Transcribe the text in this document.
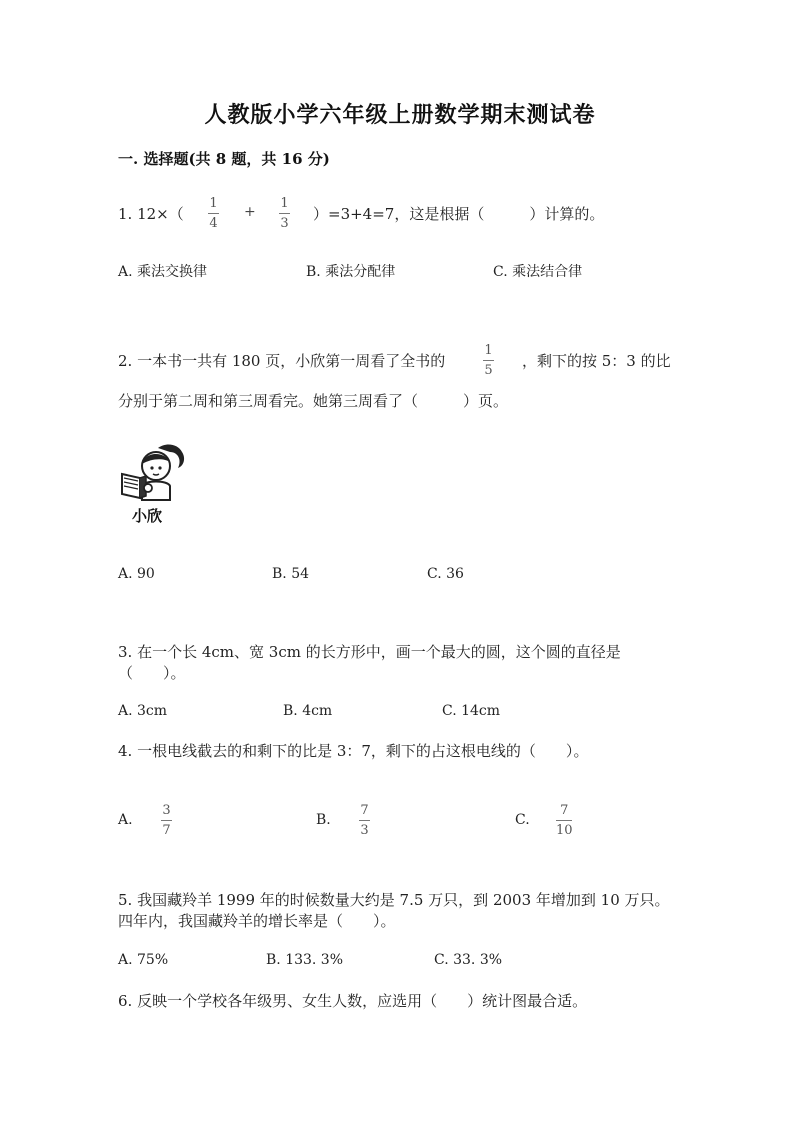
人教版小学六年级上册数学期末测试卷
一. 选择题(共 8 题，共 16 分)
1. 12×（
1
4
+
1
3
）=3+4=7，这是根据（　　　）计算的。
A. 乘法交换律	B. 乘法分配律	C. 乘法结合律
2. 一本书一共有 180 页，小欣第一周看了全书的
1
5
，剩下的按 5：3 的比
分别于第二周和第三周看完。她第三周看了（　　　）页。
小欣
A. 90	B. 54	C. 36
3. 在一个长 4cm、宽 3cm 的长方形中，画一个最大的圆，这个圆的直径是
（　　）。
A. 3cm	B. 4cm	C. 14cm
4. 一根电线截去的和剩下的比是 3：7，剩下的占这根电线的（　　）。
A.
3
7
B.
7
3
C.
7
10
5. 我国藏羚羊 1999 年的时候数量大约是 7.5 万只，到 2003 年增加到 10 万只。
四年内，我国藏羚羊的增长率是（　　）。
A. 75%	B. 133. 3%	C. 33. 3%
6. 反映一个学校各年级男、女生人数，应选用（　　）统计图最合适。
